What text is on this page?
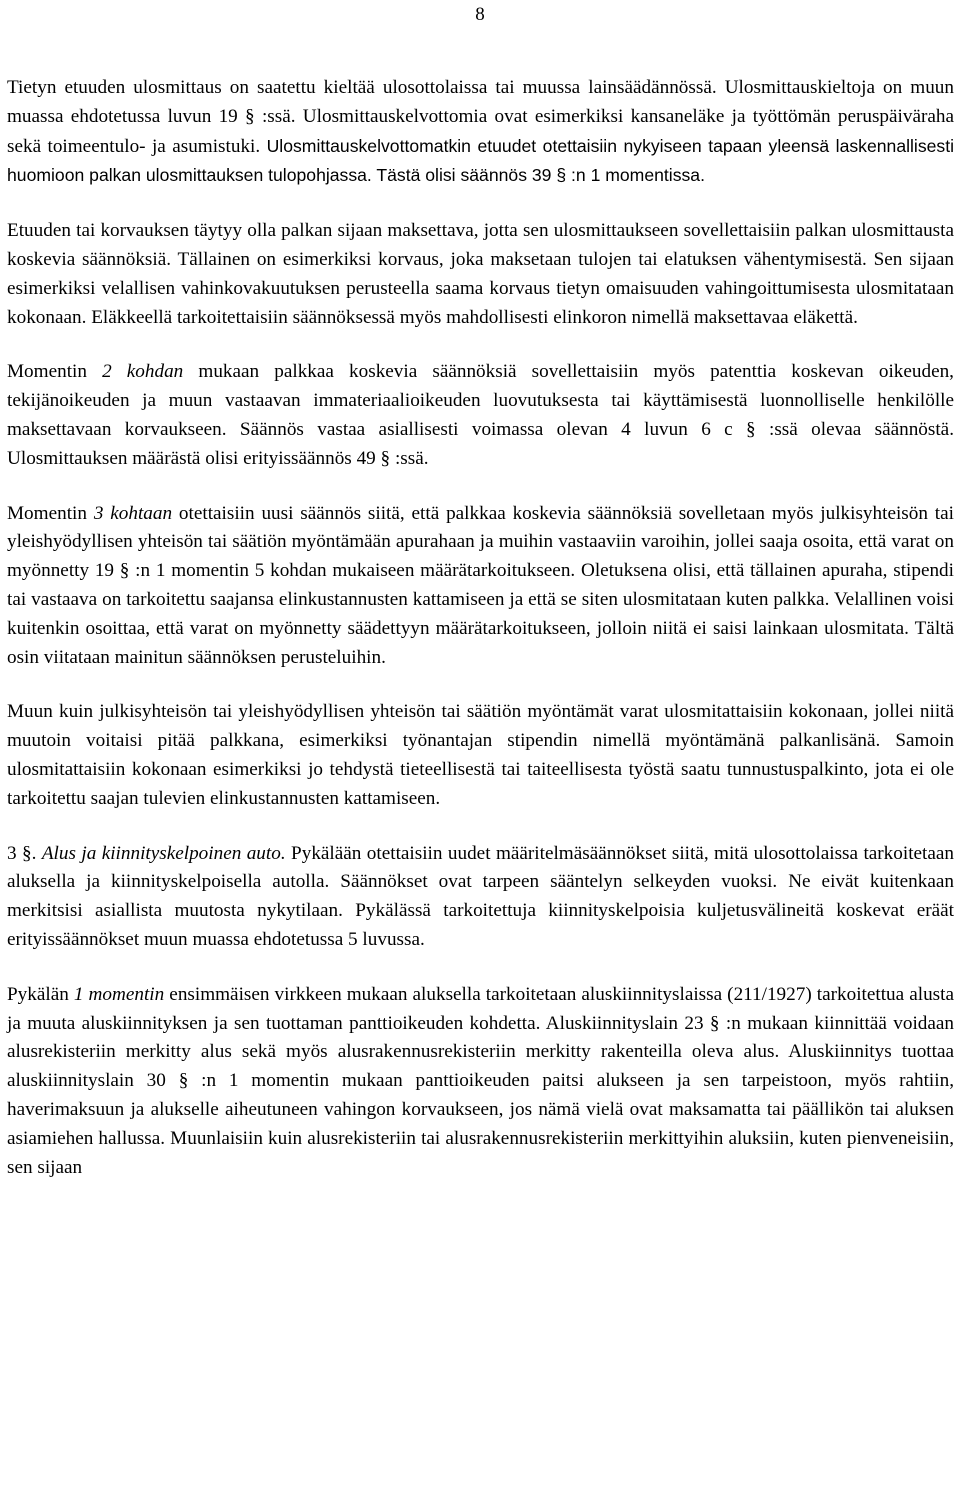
8

Tietyn etuuden ulosmittaus on saatettu kieltää ulosottolaissa tai muussa lainsäädännössä. Ulosmittauskieltoja on muun muassa ehdotetussa luvun 19 § :ssä. Ulosmittauskelvottomia ovat esimerkiksi kansaneläke ja työttömän peruspäiväraha sekä toimeentulo- ja asumistuki. Ulosmittauskelvottomatkin etuudet otettaisiin nykyiseen tapaan yleensä laskennallisesti huomioon palkan ulosmittauksen tulopohjassa. Tästä olisi säännös 39 § :n 1 momentissa.

Etuuden tai korvauksen täytyy olla palkan sijaan maksettava, jotta sen ulosmittaukseen sovellettaisiin palkan ulosmittausta koskevia säännöksiä. Tällainen on esimerkiksi korvaus, joka maksetaan tulojen tai elatuksen vähentymisestä. Sen sijaan esimerkiksi velallisen vahinkovakuutuksen perusteella saama korvaus tietyn omaisuuden vahingoittumisesta ulosmitataan kokonaan. Eläkkeellä tarkoitettaisiin säännöksessä myös mahdollisesti elinkoron nimellä maksettavaa eläkettä.

Momentin 2 kohdan mukaan palkkaa koskevia säännöksiä sovellettaisiin myös patenttia koskevan oikeuden, tekijänoikeuden ja muun vastaavan immateriaalioikeuden luovutuksesta tai käyttämisestä luonnolliselle henkilölle maksettavaan korvaukseen. Säännös vastaa asiallisesti voimassa olevan 4 luvun 6 c § :ssä olevaa säännöstä. Ulosmittauksen määrästä olisi erityissäännös 49 § :ssä.

Momentin 3 kohtaan otettaisiin uusi säännös siitä, että palkkaa koskevia säännöksiä sovelletaan myös julkisyhteisön tai yleishyödyllisen yhteisön tai säätiön myöntämään apurahaan ja muihin vastaaviin varoihin, jollei saaja osoita, että varat on myönnetty 19 § :n 1 momentin 5 kohdan mukaiseen määrätarkoitukseen. Oletuksena olisi, että tällainen apuraha, stipendi tai vastaava on tarkoitettu saajansa elinkustannusten kattamiseen ja että se siten ulosmitataan kuten palkka. Velallinen voisi kuitenkin osoittaa, että varat on myönnetty säädettyyn määrätarkoitukseen, jolloin niitä ei saisi lainkaan ulosmitata. Tältä osin viitataan mainitun säännöksen perusteluihin.

Muun kuin julkisyhteisön tai yleishyödyllisen yhteisön tai säätiön myöntämät varat ulosmitattaisiin kokonaan, jollei niitä muutoin voitaisi pitää palkkana, esimerkiksi työnantajan stipendin nimellä myöntämänä palkanlisänä. Samoin ulosmitattaisiin kokonaan esimerkiksi jo tehdystä tieteellisestä tai taiteellisesta työstä saatu tunnustuspalkinto, jota ei ole tarkoitettu saajan tulevien elinkustannusten kattamiseen.

3 §. Alus ja kiinnityskelpoinen auto. Pykälään otettaisiin uudet määritelmäsäännökset siitä, mitä ulosottolaissa tarkoitetaan aluksella ja kiinnityskelpoisella autolla. Säännökset ovat tarpeen sääntelyn selkeyden vuoksi. Ne eivät kuitenkaan merkitsisi asiallista muutosta nykytilaan. Pykälässä tarkoitettuja kiinnityskelpoisia kuljetusvälineitä koskevat eräät erityissäännökset muun muassa ehdotetussa 5 luvussa.

Pykälän 1 momentin ensimmäisen virkkeen mukaan aluksella tarkoitetaan aluskiinnityslaissa (211/1927) tarkoitettua alusta ja muuta aluskiinnityksen ja sen tuottaman panttioikeuden kohdetta. Aluskiinnityslain 23 § :n mukaan kiinnittää voidaan alusrekisteriin merkitty alus sekä myös alusrakennusrekisteriin merkitty rakenteilla oleva alus. Aluskiinnitys tuottaa aluskiinnityslain 30 § :n 1 momentin mukaan panttioikeuden paitsi alukseen ja sen tarpeistoon, myös rahtiin, haverimaksuun ja alukselle aiheutuneen vahingon korvaukseen, jos nämä vielä ovat maksamatta tai päällikön tai aluksen asiamiehen hallussa. Muunlaisiin kuin alusrekisteriin tai alusrakennusrekisteriin merkittyihin aluksiin, kuten pienveneisiin, sen sijaan
